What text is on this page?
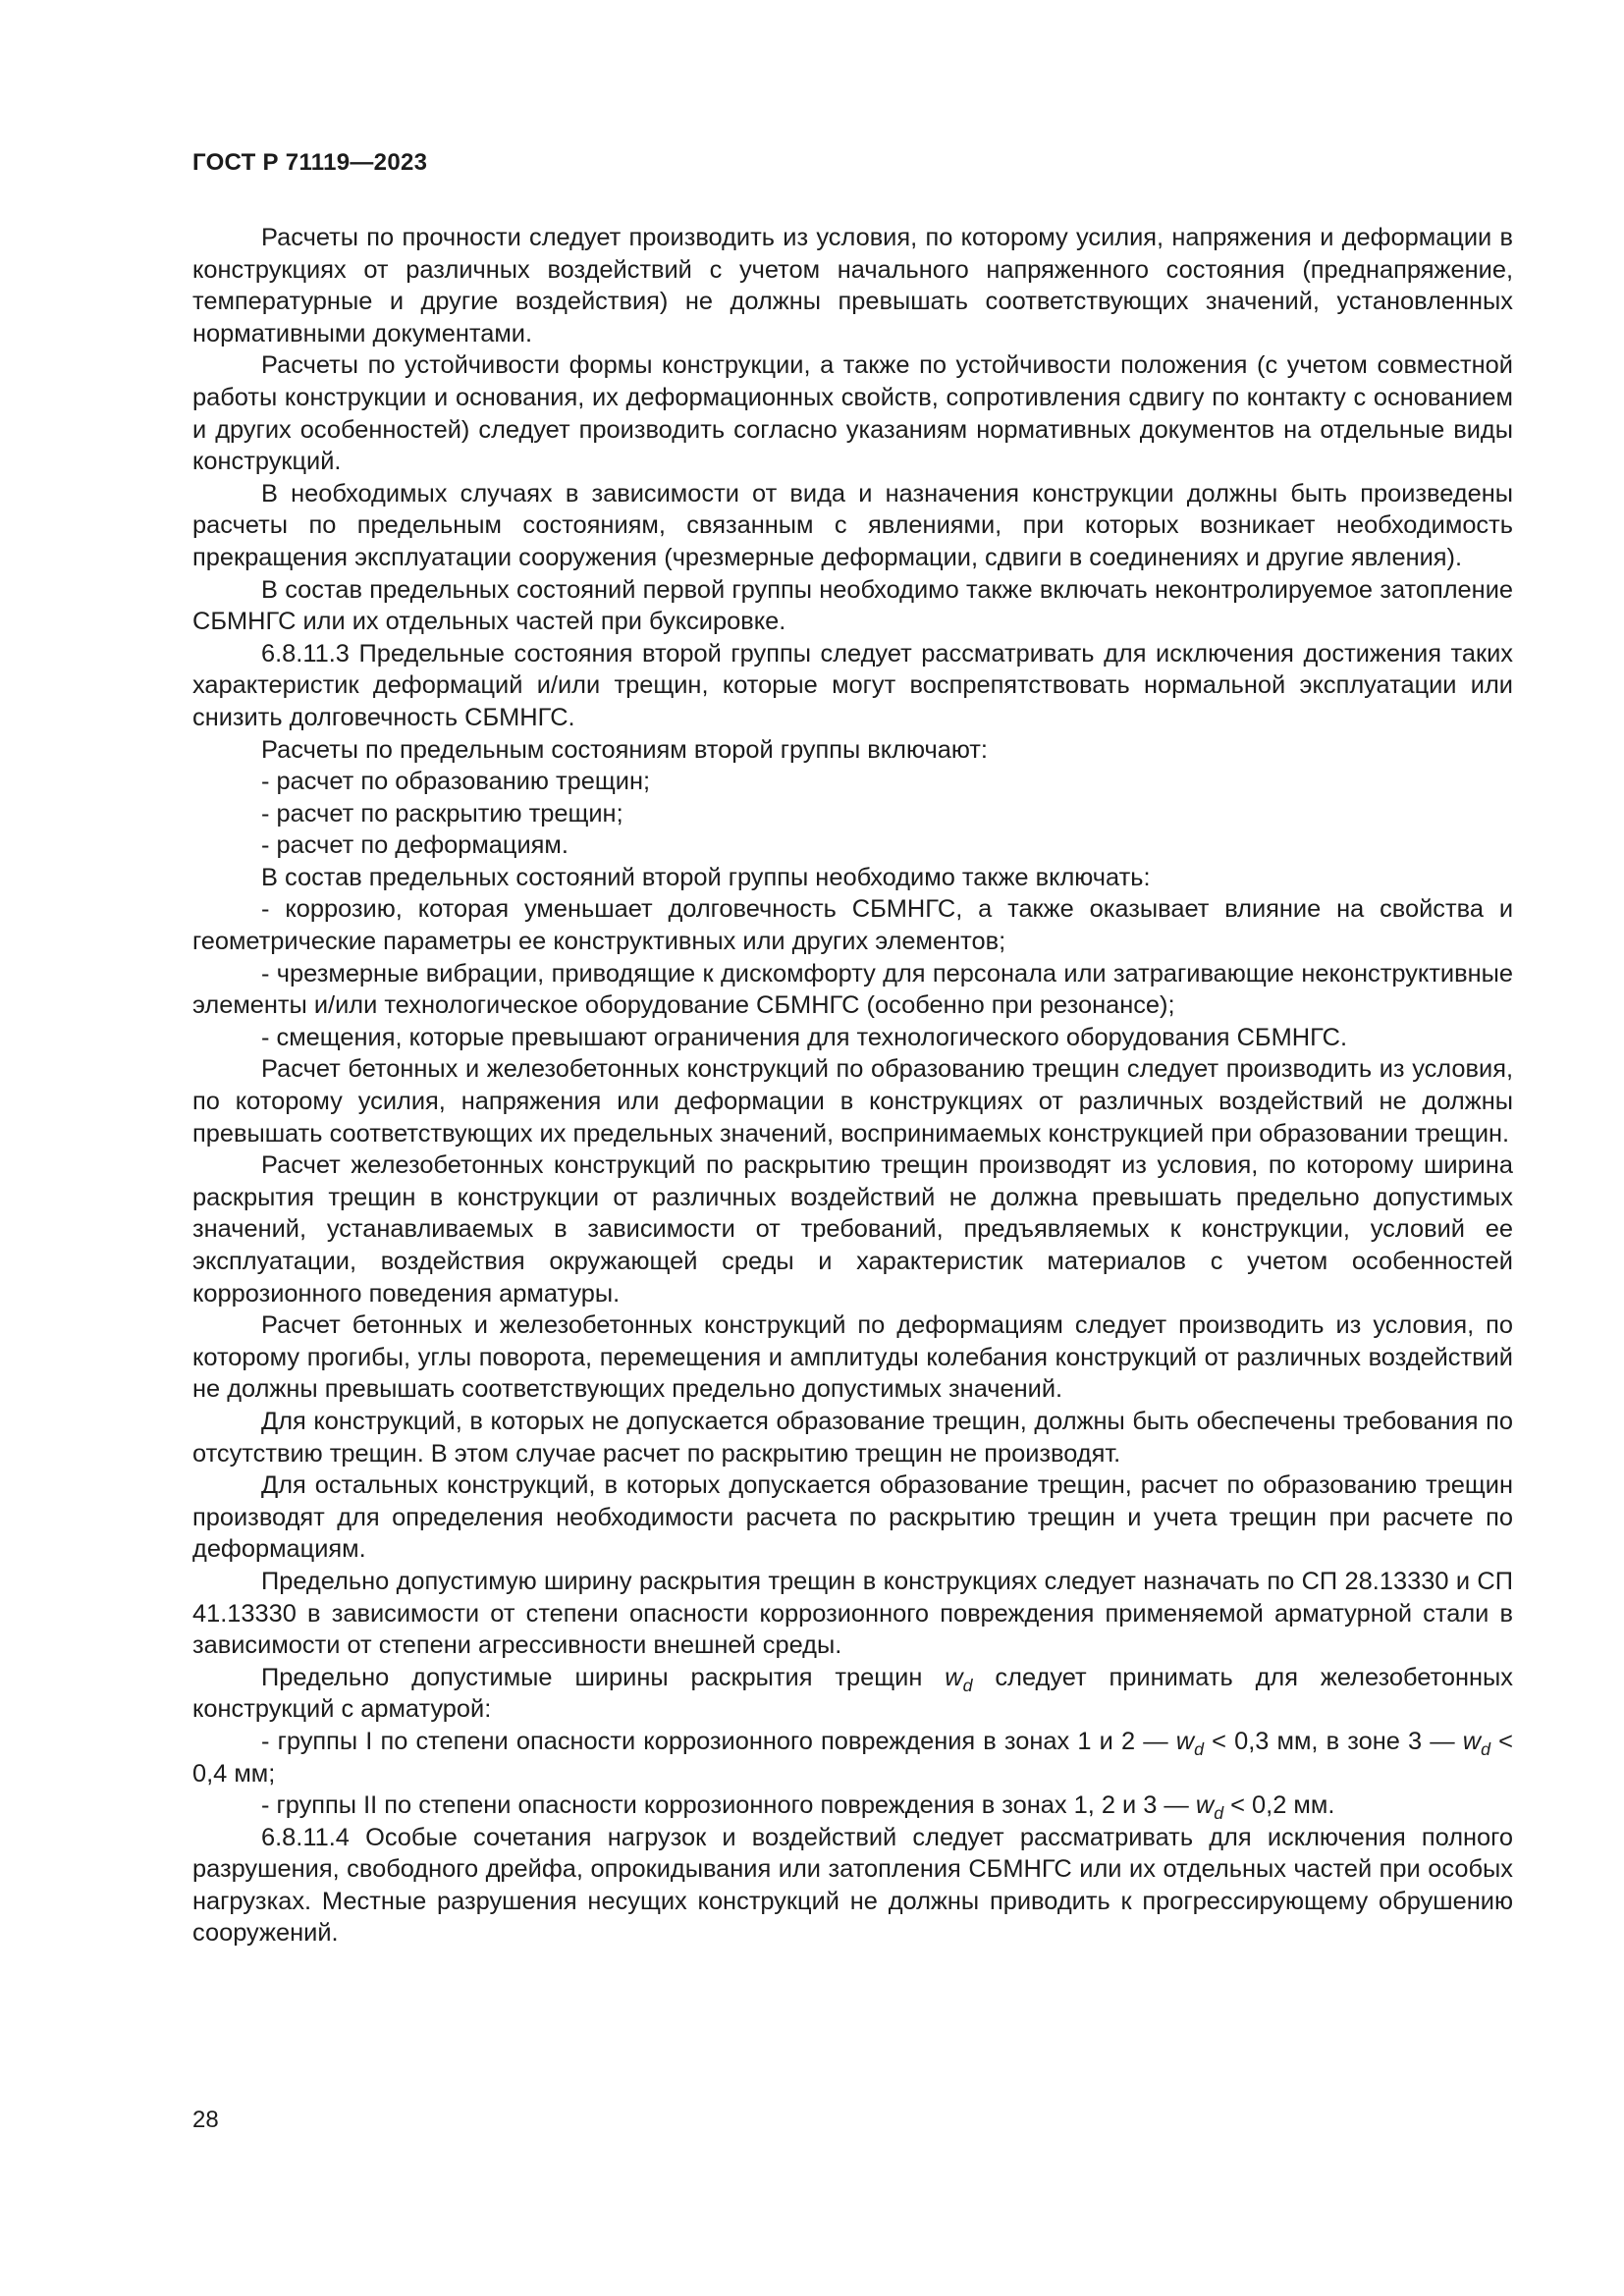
ГОСТ Р 71119—2023

Расчеты по прочности следует производить из условия, по которому усилия, напряжения и деформации в конструкциях от различных воздействий с учетом начального напряженного состояния (преднапряжение, температурные и другие воздействия) не должны превышать соответствующих значений, установленных нормативными документами.

Расчеты по устойчивости формы конструкции, а также по устойчивости положения (с учетом совместной работы конструкции и основания, их деформационных свойств, сопротивления сдвигу по контакту с основанием и других особенностей) следует производить согласно указаниям нормативных документов на отдельные виды конструкций.

В необходимых случаях в зависимости от вида и назначения конструкции должны быть произведены расчеты по предельным состояниям, связанным с явлениями, при которых возникает необходимость прекращения эксплуатации сооружения (чрезмерные деформации, сдвиги в соединениях и другие явления).

В состав предельных состояний первой группы необходимо также включать неконтролируемое затопление СБМНГС или их отдельных частей при буксировке.

6.8.11.3 Предельные состояния второй группы следует рассматривать для исключения достижения таких характеристик деформаций и/или трещин, которые могут воспрепятствовать нормальной эксплуатации или снизить долговечность СБМНГС.

Расчеты по предельным состояниям второй группы включают:

- расчет по образованию трещин;

- расчет по раскрытию трещин;

- расчет по деформациям.

В состав предельных состояний второй группы необходимо также включать:

- коррозию, которая уменьшает долговечность СБМНГС, а также оказывает влияние на свойства и геометрические параметры ее конструктивных или других элементов;

- чрезмерные вибрации, приводящие к дискомфорту для персонала или затрагивающие неконструктивные элементы и/или технологическое оборудование СБМНГС (особенно при резонансе);

- смещения, которые превышают ограничения для технологического оборудования СБМНГС.

Расчет бетонных и железобетонных конструкций по образованию трещин следует производить из условия, по которому усилия, напряжения или деформации в конструкциях от различных воздействий не должны превышать соответствующих их предельных значений, воспринимаемых конструкцией при образовании трещин.

Расчет железобетонных конструкций по раскрытию трещин производят из условия, по которому ширина раскрытия трещин в конструкции от различных воздействий не должна превышать предельно допустимых значений, устанавливаемых в зависимости от требований, предъявляемых к конструкции, условий ее эксплуатации, воздействия окружающей среды и характеристик материалов с учетом особенностей коррозионного поведения арматуры.

Расчет бетонных и железобетонных конструкций по деформациям следует производить из условия, по которому прогибы, углы поворота, перемещения и амплитуды колебания конструкций от различных воздействий не должны превышать соответствующих предельно допустимых значений.

Для конструкций, в которых не допускается образование трещин, должны быть обеспечены требования по отсутствию трещин. В этом случае расчет по раскрытию трещин не производят.

Для остальных конструкций, в которых допускается образование трещин, расчет по образованию трещин производят для определения необходимости расчета по раскрытию трещин и учета трещин при расчете по деформациям.

Предельно допустимую ширину раскрытия трещин в конструкциях следует назначать по СП 28.13330 и СП 41.13330 в зависимости от степени опасности коррозионного повреждения применяемой арматурной стали в зависимости от степени агрессивности внешней среды.

Предельно допустимые ширины раскрытия трещин $w_d$ следует принимать для железобетонных конструкций с арматурой:

- группы I по степени опасности коррозионного повреждения в зонах 1 и 2 — $w_d < 0,3$ мм, в зоне 3 — $w_d < 0,4$ мм;

- группы II по степени опасности коррозионного повреждения в зонах 1, 2 и 3 — $w_d < 0,2$ мм.

6.8.11.4 Особые сочетания нагрузок и воздействий следует рассматривать для исключения полного разрушения, свободного дрейфа, опрокидывания или затопления СБМНГС или их отдельных частей при особых нагрузках. Местные разрушения несущих конструкций не должны приводить к прогрессирующему обрушению сооружений.

28
